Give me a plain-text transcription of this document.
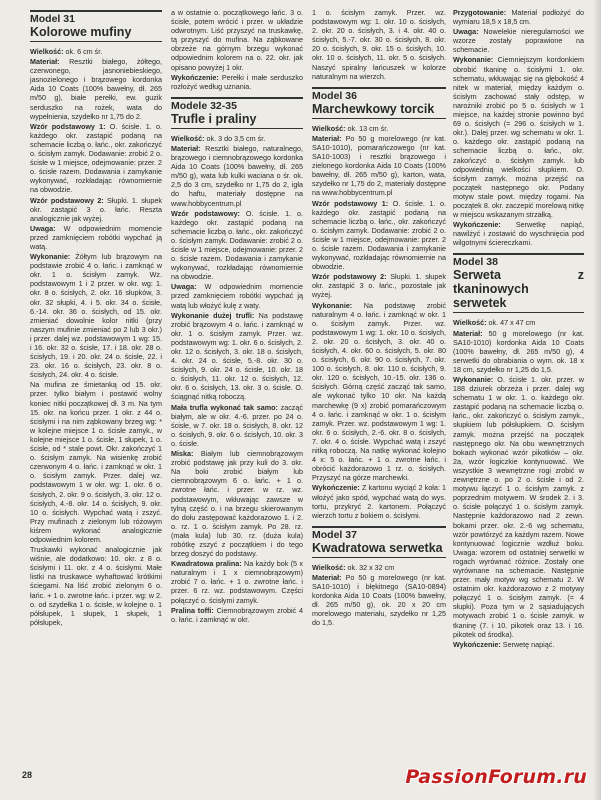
Model 31
Kolorowe mufiny

Wielkość: ok. 6 cm śr.

Materiał: Resztki białego, żółtego, czerwonego, jasnoniebieskiego, jasnozielonego i brązowego kordonka Aida 10 Coats (100% bawełny, dł. 265 m/50 g), białe perełki, ew. guzik serduszko na rożek, wata do wypełnienia, szydełko nr 1,75 do 2.

Wzór podstawowy 1: O. ścisłe. 1. o. każdego okr. zastąpić podaną na schemacie liczbą o. łańc., okr. zakończyć o. ścisłym zamyk. Dodawanie: zrobić 2 o. ścisłe w 1 miejsce, odejmowanie: przer. 2 o. ścisłe razem. Dodawania i zamykanie wykonywać, rozkładając równomiernie na obwodzie.

Wzór podstawowy 2: Słupki. 1. słupek okr. zastąpić 3 o. łańc. Reszta analogicznie jak wyżej.

Uwaga: W odpowiednim momencie przed zamknięciem robótki wypchać ją watą.

Wykonanie: Żółtym lub brązowym na podstawie zrobić 4 o. łańc. i zamknąć w okr. 1 o. ścisłym zamyk. Wz. podstawowym 1 i 2 przer. w okr. wg: 1. okr. 8 o. ścisłych, 2. okr. 16 słupków, 3. okr. 32 słupki, 4. i 5. okr. 34 o. ścisłe, 6.-14. okr. 36 o. ścisłych, od 15. okr. zmieniać dowolnie kolor nitki (przy naszym mufinie zmieniać po 2 lub 3 okr.) i przer. dalej wz. podstawowym 1 wg: 15. i 16. okr. 32 o. ścisłe, 17. i 18. okr. 28 o. ścisłych, 19. i 20. okr. 24 o. ścisłe, 22. i 23. okr. 16 o. ścisłych, 23. okr. 8 o. ścisłych, 24. okr. 4 o. ścisłe.

Na mufina ze śmietanką od 15. okr. przer. tylko białym i postawić wolny koniec nitki początkowej dł. 3 m. Na tym 15. okr. na końcu przer. 1 okr. z 44 o. ścisłymi i na nim ząbkowany brzeg wg: * w kolejne miejsce 1 o. ścisłe zamyk., w kolejne miejsce 1 o. ścisłe, 1 słupek, 1 o. ścisłe, od * stale powt. Okr. zakończyć 1 o. ścisłym zamyk. Na wisienkę zrobić czerwonym 4 o. łańc. i zamknąć w okr. 1 o. ścisłym zamyk. Przer. dalej wz. podstawowym 1 w okr. wg: 1. okr. 6 o. ścisłych, 2. okr. 9 o. ścisłych, 3. okr. 12 o. ścisłych, 4.-8. okr. 14 o. ścisłych, 9. okr. 10 o. ścisłych. Wypchać watą i zszyć. Przy mufinach z zielonym lub różowym kiśrem wykonać analogicznie odpowiednim kolorem.

Truskawki wykonać analogicznie jak wiśnie, ale dodatkowo: 10. okr. z 8 o. ścisłymi i 11. okr. z 4 o. ścisłymi. Małe listki na truskawce wyhaftować krótkimi ściegami. Na liść zrobić zielonym 6 o. łańc. + 1 o. zwrotne łańc. i przer. wg: w 2. o. od szydełka 1 o. ścisłe, w kolejne o. 1 półsłupek, 1 słupek, 1 słupek, 1 półsłupek,

a w ostatnie o. początkowego łańc. 3 o. ścisłe, potem wrócić i przer. w układzie odwrotnym. Liść przyszyć na truskawkę, tą przyszyć do mufina. Na ząbkowane obrzeże na górnym brzegu wykonać odpowiednim kolorem na o. 22. okr. jak opisano powyżej 1 okr.

Wykończenie: Perełki i małe serduszko rozłożyć według uznania.

Modele 32-35
Trufle i praliny

Wielkość: ok. 3 do 3,5 cm śr.

Materiał: Resztki białego, naturalnego, brązowego i ciemnobrązowego kordonka Aida 10 Coats (100% bawełny, dł. 265 m/50 g), wata lub kulki waciana o śr. ok. 2,5 do 3 cm, szydełko nr 1,75 do 2, igła do haftu, materiały dostępne na www.hobbycentrum.pl

Wzór podstawowy: O. ścisłe. 1. o. każdego okr. zastąpić podaną na schemacie liczbą o. łańc., okr. zakończyć o. ścisłym zamyk. Dodawanie: zrobić 2 o. ścisłe w 1 miejsce, odejmowanie: przer. 2 o. ścisłe razem. Dodawania i zamykanie wykonywać, rozkładając równomiernie na obwodzie.

Uwaga: W odpowiednim momencie przed zamknięciem robótki wypchać ją watą lub włożyć kulę z waty.

Wykonanie dużej trufli: Na podstawę zrobić brązowym 4 o. łańc. i zamknąć w okr. 1 o. ścisłym zamyk. Przer. wz. podstawowym wg: 1. okr. 6 o. ścisłych, 2. okr. 12 o. ścisłych, 3. okr. 18 o. ścisłych, 4. okr. 24 o. ścisłe, 5.-8. okr. 30 o. ścisłych, 9. okr. 24 o. ścisłe, 10. okr. 18 o. ścisłych, 11. okr. 12 o. ścisłych, 12. okr. 6 o. ścisłych, 13. okr. 3 o. ścisłe. O. ściągnąć nitką roboczą.

Mała trufla wykonać tak samo: zacząć białym, ale w okr. 4.-6. przer. po 24 o. ścisłe, w 7. okr. 18 o. ścisłych, 8. okr. 12 o. ścisłych, 9. okr. 6 o. ścisłych, 10. okr. 3 o. ścisłe.

Miska: Białym lub ciemnobrązowym zrobić podstawę jak przy kuli do 3. okr. Na boki zrobić białym lub ciemnobrązowym 6 o. łańc. + 1 o. zwrotne łańc. i przer. w rz. wz. podstawowym, wkłuwając zawsze w tylną część o. i na brzegu skierowanym do dołu zastępować każdorazowo 1. i 2. o. rz. 1 o. ścisłym zamyk. Po 28. rz. (mała kula) lub 30. rz. (duża kula) robótkę zszyć z początkiem i do tego brzeg doszyć do podstawy.

Kwadratowa pralina: Na każdy bok (5 x naturalnym i 1 x ciemnobrązowym) zrobić 7 o. łańc. + 1 o. zwrotne łańc. i przer. 6 rz. wz. podstawowym. Części połączyć o. ścisłymi zamyk.

Pralina toffi: Ciemnobrązowym zrobić 4 o. łańc. i zamknąć w okr.

1 o. ścisłym zamyk. Przer. wz. podstawowym wg: 1. okr. 10 o. ścisłych, 2. okr. 20 o. ścisłych, 3. i 4. okr. 40 o. ścisłych, 5.-7. okr. 30 o. ścisłych, 8. okr. 20 o. ścisłych, 9. okr. 15 o. ścisłych, 10. okr. 10 o. ścisłych, 11. okr. 5 o. ścisłych. Naszyć spiralny łańcuszek w kolorze naturalnym na wierzch.

Model 36
Marchewkowy torcik

Wielkość: ok. 13 cm śr.

Materiał: Po 50 g morelowego (nr kat. SA10-1010), pomarańczowego (nr kat. SA10-1003) i resztki brązowego i zielonego kordonka Aida 10 Coats (100% bawełny, dł. 265 m/50 g), karton, wata, szydełko nr 1,75 do 2, materiały dostępne na www.hobbycentrum.pl

Wzór podstawowy 1: O. ścisłe. 1. o. każdego okr. zastąpić podaną na schemacie liczbą o. łańc., okr. zakończyć o. ścisłym zamyk. Dodawanie: zrobić 2 o. ścisłe w 1 miejsce, odejmowanie: przer. 2 o. ścisłe razem. Dodawania i zamykanie wykonywać, rozkładając równomiernie na obwodzie.

Wzór podstawowy 2: Słupki. 1. słupek okr. zastąpić 3 o. łańc., pozostałe jak wyżej.

Wykonanie: Na podstawę zrobić naturalnym 4 o. łańc. i zamknąć w okr. 1 o. ścisłym zamyk. Przer. wz. podstawowym 1 wg: 1. okr. 10 o. ścisłych, 2. okr. 20 o. ścisłych, 3. okr. 40 o. ścisłych, 4. okr. 60 o. ścisłych, 5. okr. 80 o. ścisłych, 6. okr. 90 o. ścisłych, 7. okr. 100 o. ścisłych, 8. okr. 110 o. ścisłych, 9. okr. 120 o. ścisłych, 10.-15. okr. 136 o. ścisłych. Górną część zacząć tak samo, ale wykonać tylko 10 okr. Na każdą marchewkę (9 x) zrobić pomarańczowym 4 o. łańc. i zamknąć w okr. 1 o. ścisłym zamyk. Przer. wz. podstawowym 1 wg: 1. okr. 6 o. ścisłych, 2.-6. okr. 8 o. ścisłych, 7. okr. 4 o. ścisłe. Wypchać watą i zszyć nitką roboczą. Na natkę wykonać kolejno 4 x: 5 o. łańc. + 1 o. zwrotne łańc. i obrócić każdorazowo 1 rz. o. ścisłych. Przyszyć na górze marchewki.

Wykończenie: Z kartonu wyciąć 2 koła: 1 włożyć jako spód, wypchać watą do wys. tortu, przykryć 2. kartonem. Połączyć wierzch tortu z bokiem o. ścisłymi.

Model 37
Kwadratowa serwetka

Wielkość: ok. 32 x 32 cm

Materiał: Po 50 g morelowego (nr kat. SA10-1010) i błękitnego (SA10-0894) kordonka Aida 10 Coats (100% bawełny, dł. 265 m/50 g), ok. 20 x 20 cm morelowego materiału, szydełko nr 1,25 do 1,5.

Przygotowanie: Materiał podłożyć do wymiaru 18,5 x 18,5 cm.

Uwaga: Nowelekie nieregularności we wzorze zostały poprawione na schemacie.

Wykonanie: Ciemniejszym kordonkiem obrobić tkaninę o. ścisłymi 1. okr. schematu, wkłuwając się na głębokość 4 nitek w materiał, między każdym o. ścisłym zachować stały odstęp, w narożniki zrobić po 5 o. ścisłych w 1 miejsce, na każdej stronie powinno być 69 o. ścisłych (= 296 o. ścisłych w 1. okr.). Dalej przer. wg schematu w okr. 1. o. każdego okr. zastąpić podaną na schemacie liczbą o. łańc., okr. zakończyć o. ścisłym zamyk. lub odpowiednią wielkości słupkiem. O. ścisłym zamyk. można przejść na początek następnego okr. Podany motyw stale powt. między rogami. Na początek 8. okr. zaczepić morelową nitkę w miejscu wskazanym strzałką.

Wykończenie: Serwetkę napiąć, nawilżyć i zostawić do wyschnięcia pod wilgotnymi ściereczkami.

Model 38
Serweta z tkaninowych serwetek

Wielkość: ok. 47 x 47 cm

Materiał: 50 g morelowego (nr kat. SA10-1010) kordonka Aida 10 Coats (100% bawełny, dł. 265 m/50 g), 4 serwetki do obrabiania o wym. ok. 18 x 18 cm, szydełko nr 1,25 do 1,5.

Wykonanie: O. ścisłe 1. okr. przer. w 188 dziurek obrzeża i przer. dalej wg schematu 1 w okr. 1. o. każdego okr. zastąpić podaną na schemacie liczbą o. łańc., okr. zakończyć o. ścisłym zamyk., słupkiem lub półsłupkiem. O. ścisłym zamyk. można przejść na początek następnego okr. Na obu wewnętrznych bokach wykonać wzór pikotków – okr. 2a, wzór łogiczkie kontynuować. We wszystkie 3 wewnętrzne rogi zrobić w zewnętrzne o. po 2 o. ścisłe i od 2. motywu łączyć 1 o. ścisłym zamyk. z poprzednim motywem. W środek 2. i 3. o. ścisłe połączyć 1 o. ścisłym zamyk. Następnie kaźdorazowo nad 2 zewn. bokami przer. okr. 2.-6 wg schematu, wzór powtórzyć za każdym razem. Nowe kontynuować logicznie wzdłuż boku. Uwaga: wzorem od ostatniej serwetki w rogach wyrównać różnice. Zostały one wyrównane na schemacie. Następnie przer. mały motyw wg schematu 2. W ostatnim okr. każdorazowo z 2 motywy połączyć 1 o. ścisłym zamyk. (= 4 słupki). Poza tym w 2 sąsiadujących motywach zrobić 1 o. ścisłe zamyk. w tkaninę (7. i 10. pikotek oraz 13. i 16. pikotek od środka).

Wykończenie: Serwetę napiąć.

28	PassionForum.ru
